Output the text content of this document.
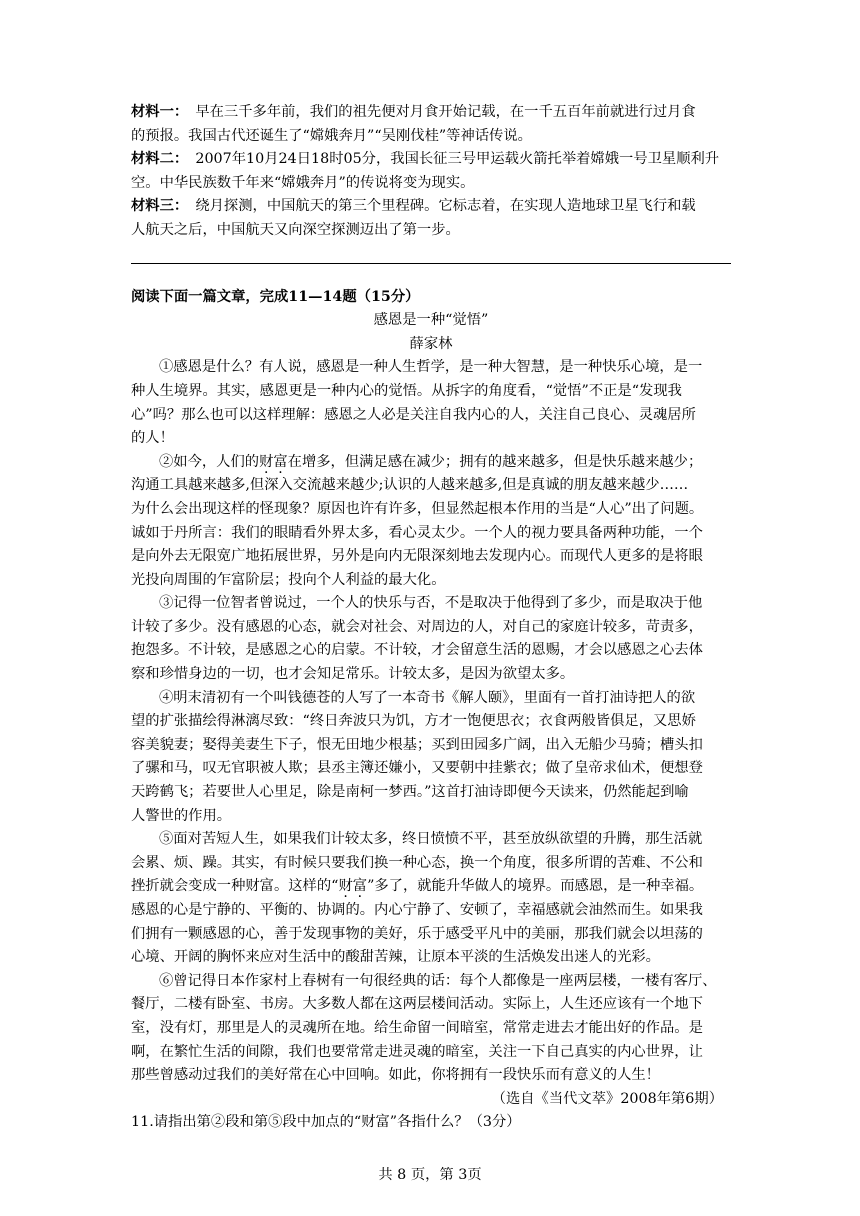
材料一：　早在三千多年前，我们的祖先便对月食开始记载，在一千五百年前就进行过月食

的预报。我国古代还诞生了“嫦娥奔月”“吴刚伐桂”等神话传说。

材料二：　2007年10月24日18时05分，我国长征三号甲运载火箭托举着嫦娥一号卫星顺利升

空。中华民族数千年来“嫦娥奔月”的传说将变为现实。

材料三：　绕月探测，中国航天的第三个里程碑。它标志着，在实现人造地球卫星飞行和载

人航天之后，中国航天又向深空探测迈出了第一步。

阅读下面一篇文章，完成11—14题（15分）

感恩是一种“觉悟”

薛家林

①感恩是什么？有人说，感恩是一种人生哲学，是一种大智慧，是一种快乐心境，是一

种人生境界。其实，感恩更是一种内心的觉悟。从拆字的角度看，“觉悟”不正是“发现我

心”吗？那么也可以这样理解：感恩之人必是关注自我内心的人，关注自己良心、灵魂居所

的人！

②如今，人们的财富在增多，但满足感在减少；拥有的越来越多，但是快乐越来越少；

沟通工具越来越多,但深入交流越来越少;认识的人越来越多,但是真诚的朋友越来越少……

为什么会出现这样的怪现象？原因也许有许多，但显然起根本作用的当是“人心”出了问题。

诚如于丹所言：我们的眼睛看外界太多，看心灵太少。一个人的视力要具备两种功能，一个

是向外去无限宽广地拓展世界，另外是向内无限深刻地去发现内心。而现代人更多的是将眼

光投向周围的乍富阶层；投向个人利益的最大化。

③记得一位智者曾说过，一个人的快乐与否，不是取决于他得到了多少，而是取决于他

计较了多少。没有感恩的心态，就会对社会、对周边的人，对自己的家庭计较多，苛责多，

抱怨多。不计较，是感恩之心的启蒙。不计较，才会留意生活的恩赐，才会以感恩之心去体

察和珍惜身边的一切，也才会知足常乐。计较太多，是因为欲望太多。

④明末清初有一个叫钱德苍的人写了一本奇书《解人颐》，里面有一首打油诗把人的欲

望的扩张描绘得淋漓尽致：“终日奔波只为饥，方才一饱便思衣；衣食两般皆俱足，又思娇

容美貌妻；娶得美妻生下子，恨无田地少根基；买到田园多广阔，出入无船少马骑；槽头扣

了骡和马，叹无官职被人欺；县丞主簿还嫌小，又要朝中挂紫衣；做了皇帝求仙术，便想登

天跨鹤飞；若要世人心里足，除是南柯一梦西。”这首打油诗即便今天读来，仍然能起到喻

人警世的作用。

⑤面对苦短人生，如果我们计较太多，终日愤愤不平，甚至放纵欲望的升腾，那生活就

会累、烦、躁。其实，有时候只要我们换一种心态，换一个角度，很多所谓的苦难、不公和

挫折就会变成一种财富。这样的“财富”多了，就能升华做人的境界。而感恩，是一种幸福。

感恩的心是宁静的、平衡的、协调的。内心宁静了、安顿了，幸福感就会油然而生。如果我

们拥有一颗感恩的心，善于发现事物的美好，乐于感受平凡中的美丽，那我们就会以坦荡的

心境、开阔的胸怀来应对生活中的酸甜苦辣，让原本平淡的生活焕发出迷人的光彩。

⑥曾记得日本作家村上春树有一句很经典的话：每个人都像是一座两层楼，一楼有客厅、

餐厅，二楼有卧室、书房。大多数人都在这两层楼间活动。实际上，人生还应该有一个地下

室，没有灯，那里是人的灵魂所在地。给生命留一间暗室，常常走进去才能出好的作品。是

啊，在繁忙生活的间隙，我们也要常常走进灵魂的暗室，关注一下自己真实的内心世界，让

那些曾感动过我们的美好常在心中回响。如此，你将拥有一段快乐而有意义的人生！

（选自《当代文萃》2008年第6期）

11.请指出第②段和第⑤段中加点的“财富”各指什么？（3分）

共 8 页，第 3页
